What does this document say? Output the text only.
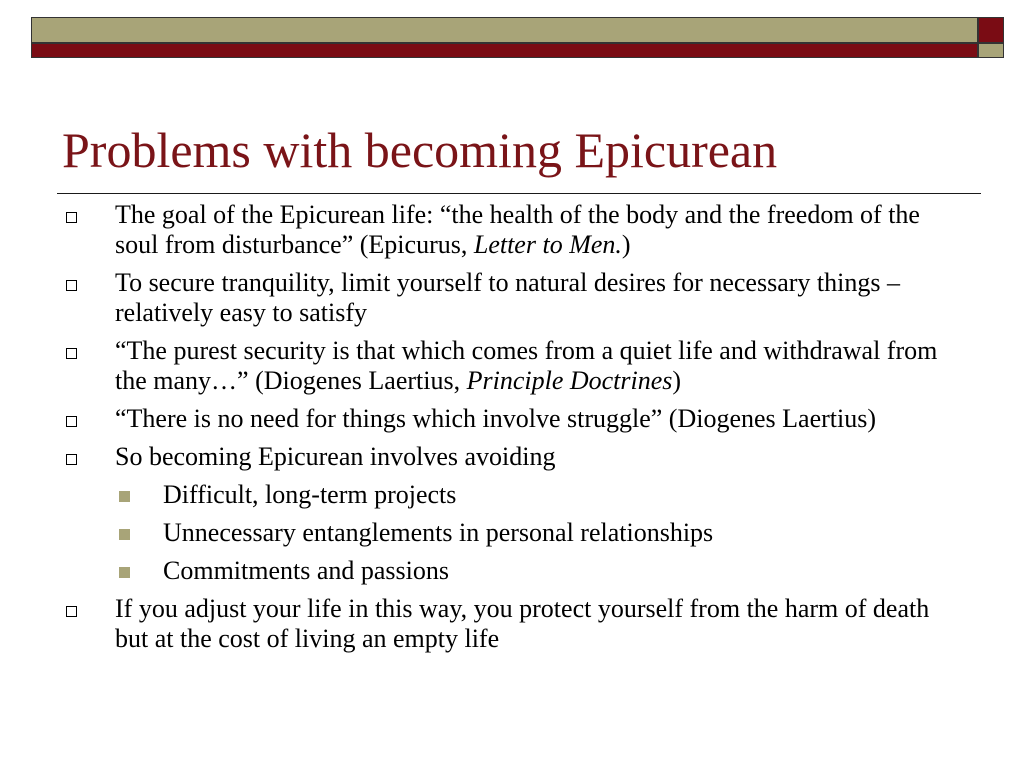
Problems with becoming Epicurean
The goal of the Epicurean life: “the health of the body and the freedom of the soul from disturbance” (Epicurus, Letter to Men.)
To secure tranquility, limit yourself to natural desires for necessary things – relatively easy to satisfy
“The purest security is that which comes from a quiet life and withdrawal from the many…” (Diogenes Laertius, Principle Doctrines)
“There is no need for things which involve struggle” (Diogenes Laertius)
So becoming Epicurean involves avoiding
Difficult, long-term projects
Unnecessary entanglements in personal relationships
Commitments and passions
If you adjust your life in this way, you protect yourself from the harm of death but at the cost of living an empty life
